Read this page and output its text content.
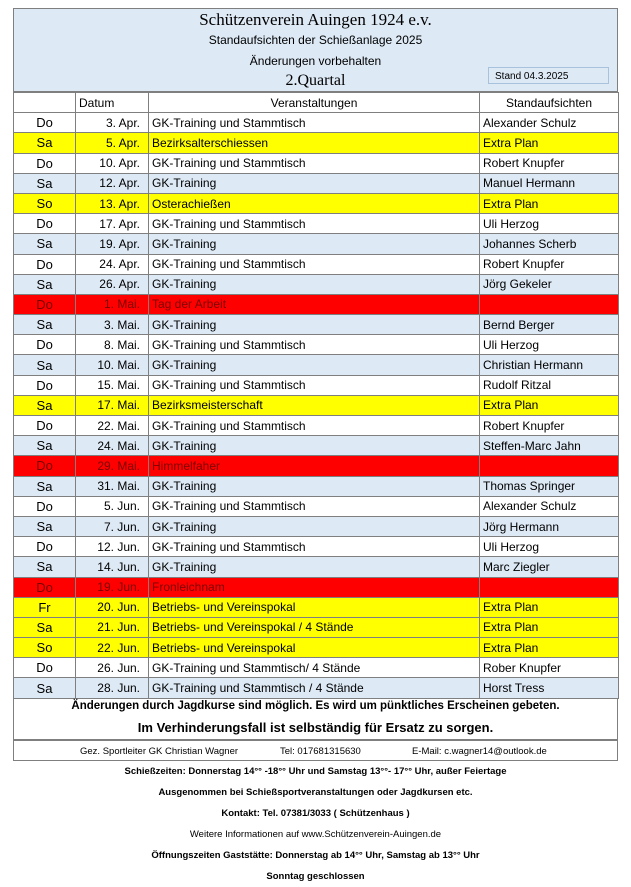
Schützenverein Auingen 1924 e.v.
Standaufsichten der Schießanlage 2025
Änderungen vorbehalten
2.Quartal	Stand 04.3.2025
	Datum	Veranstaltungen	Standaufsichten
Do	3. Apr.	GK-Training und Stammtisch	Alexander Schulz
Sa	5. Apr.	Bezirksalterschiessen	Extra Plan
Do	10. Apr.	GK-Training und Stammtisch	Robert Knupfer
Sa	12. Apr.	GK-Training	Manuel Hermann
So	13. Apr.	Osterachießen	Extra Plan
Do	17. Apr.	GK-Training und Stammtisch	Uli Herzog
Sa	19. Apr.	GK-Training	Johannes Scherb
Do	24. Apr.	GK-Training und Stammtisch	Robert Knupfer
Sa	26. Apr.	GK-Training	Jörg Gekeler
Do	1. Mai.	Tag der Arbeit	
Sa	3. Mai.	GK-Training	Bernd Berger
Do	8. Mai.	GK-Training und Stammtisch	Uli Herzog
Sa	10. Mai.	GK-Training	Christian Hermann
Do	15. Mai.	GK-Training und Stammtisch	Rudolf Ritzal
Sa	17. Mai.	Bezirksmeisterschaft	Extra Plan
Do	22. Mai.	GK-Training und Stammtisch	Robert Knupfer
Sa	24. Mai.	GK-Training	Steffen-Marc Jahn
Do	29. Mai.	Himmelfaher	
Sa	31. Mai.	GK-Training	Thomas Springer
Do	5. Jun.	GK-Training und Stammtisch	Alexander Schulz
Sa	7. Jun.	GK-Training	Jörg Hermann
Do	12. Jun.	GK-Training und Stammtisch	Uli Herzog
Sa	14. Jun.	GK-Training	Marc Ziegler
Do	19. Jun.	Fronleichnam	
Fr	20. Jun.	Betriebs- und Vereinspokal	Extra Plan
Sa	21. Jun.	Betriebs- und Vereinspokal / 4 Stände	Extra Plan
So	22. Jun.	Betriebs- und Vereinspokal	Extra Plan
Do	26. Jun.	GK-Training und Stammtisch/ 4 Stände	Rober Knupfer
Sa	28. Jun.	GK-Training und Stammtisch / 4 Stände	Horst Tress
Änderungen durch Jagdkurse sind möglich. Es wird um pünktliches Erscheinen gebeten.
Im Verhinderungsfall ist selbständig für Ersatz zu sorgen.
Gez. Sportleiter GK Christian Wagner	Tel: 017681315630	E-Mail: c.wagner14@outlook.de
Schießzeiten: Donnerstag 14°° -18°° Uhr und Samstag 13°°- 17°° Uhr, außer Feiertage
Ausgenommen bei Schießsportveranstaltungen oder Jagdkursen etc.
Kontakt: Tel. 07381/3033 ( Schützenhaus )
Weitere Informationen auf www.Schützenverein-Auingen.de
Öffnungszeiten Gaststätte: Donnerstag ab 14°° Uhr, Samstag ab 13°° Uhr
Sonntag geschlossen
